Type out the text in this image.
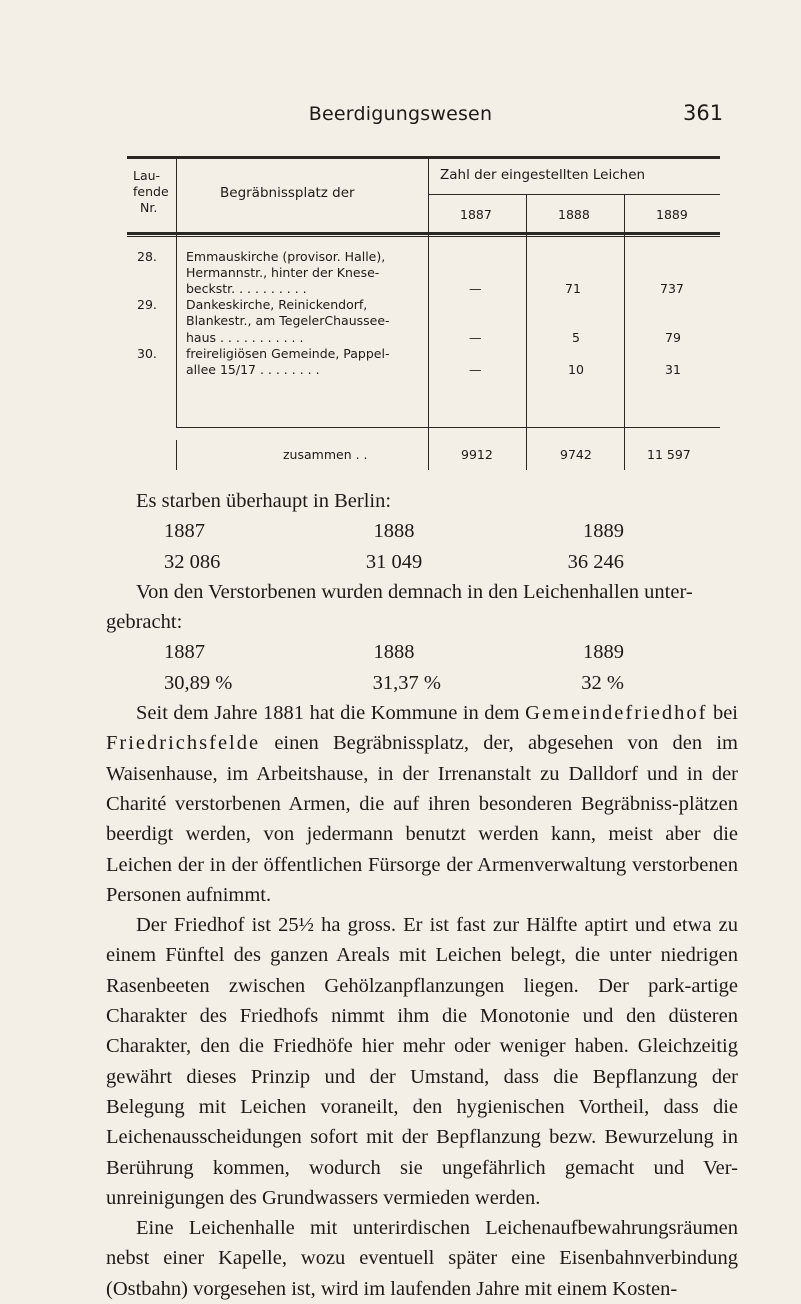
Beerdigungswesen	361
Lau-
fende
Nr.
Begräbnissplatz der
Zahl der eingestellten Leichen
1887	1888	1889
28. Emmauskirche (provisor. Halle),
Hermannstr., hinter der Knese-
beckstr. . . . . . . . . .	—	71	737
29. Dankeskirche, Reinickendorf,
Blankestr., am TegelerChaussee-
haus . . . . . . . . . . .	—	5	79
30. freireligiösen Gemeinde, Pappel-
allee 15/17 . . . . . . . .	—	10	31
zusammen . .	9912	9742	11 597

Es starben überhaupt in Berlin:

1887	1888	1889
32 086	31 049	36 246

Von den Verstorbenen wurden demnach in den Leichenhallen unter-

gebracht:

1887	1888	1889
30,89 %	31,37 %	32 %

Seit dem Jahre 1881 hat die Kommune in dem Gemeindefriedhof bei Friedrichsfelde einen Begräbnissplatz, der, abgesehen von den im Waisenhause, im Arbeitshause, in der Irrenanstalt zu Dalldorf und in der Charité verstorbenen Armen, die auf ihren besonderen Begräbniss-plätzen beerdigt werden, von jedermann benutzt werden kann, meist aber die Leichen der in der öffentlichen Fürsorge der Armenverwaltung verstorbenen Personen aufnimmt.

Der Friedhof ist 25½ ha gross. Er ist fast zur Hälfte aptirt und etwa zu einem Fünftel des ganzen Areals mit Leichen belegt, die unter niedrigen Rasenbeeten zwischen Gehölzanpflanzungen liegen. Der park-artige Charakter des Friedhofs nimmt ihm die Monotonie und den düsteren Charakter, den die Friedhöfe hier mehr oder weniger haben. Gleichzeitig gewährt dieses Prinzip und der Umstand, dass die Bepflanzung der Belegung mit Leichen voraneilt, den hygienischen Vortheil, dass die Leichenausscheidungen sofort mit der Bepflanzung bezw. Bewurzelung in Berührung kommen, wodurch sie ungefährlich gemacht und Ver-unreinigungen des Grundwassers vermieden werden.

Eine Leichenhalle mit unterirdischen Leichenaufbewahrungsräumen nebst einer Kapelle, wozu eventuell später eine Eisenbahnverbindung (Ostbahn) vorgesehen ist, wird im laufenden Jahre mit einem Kosten-
